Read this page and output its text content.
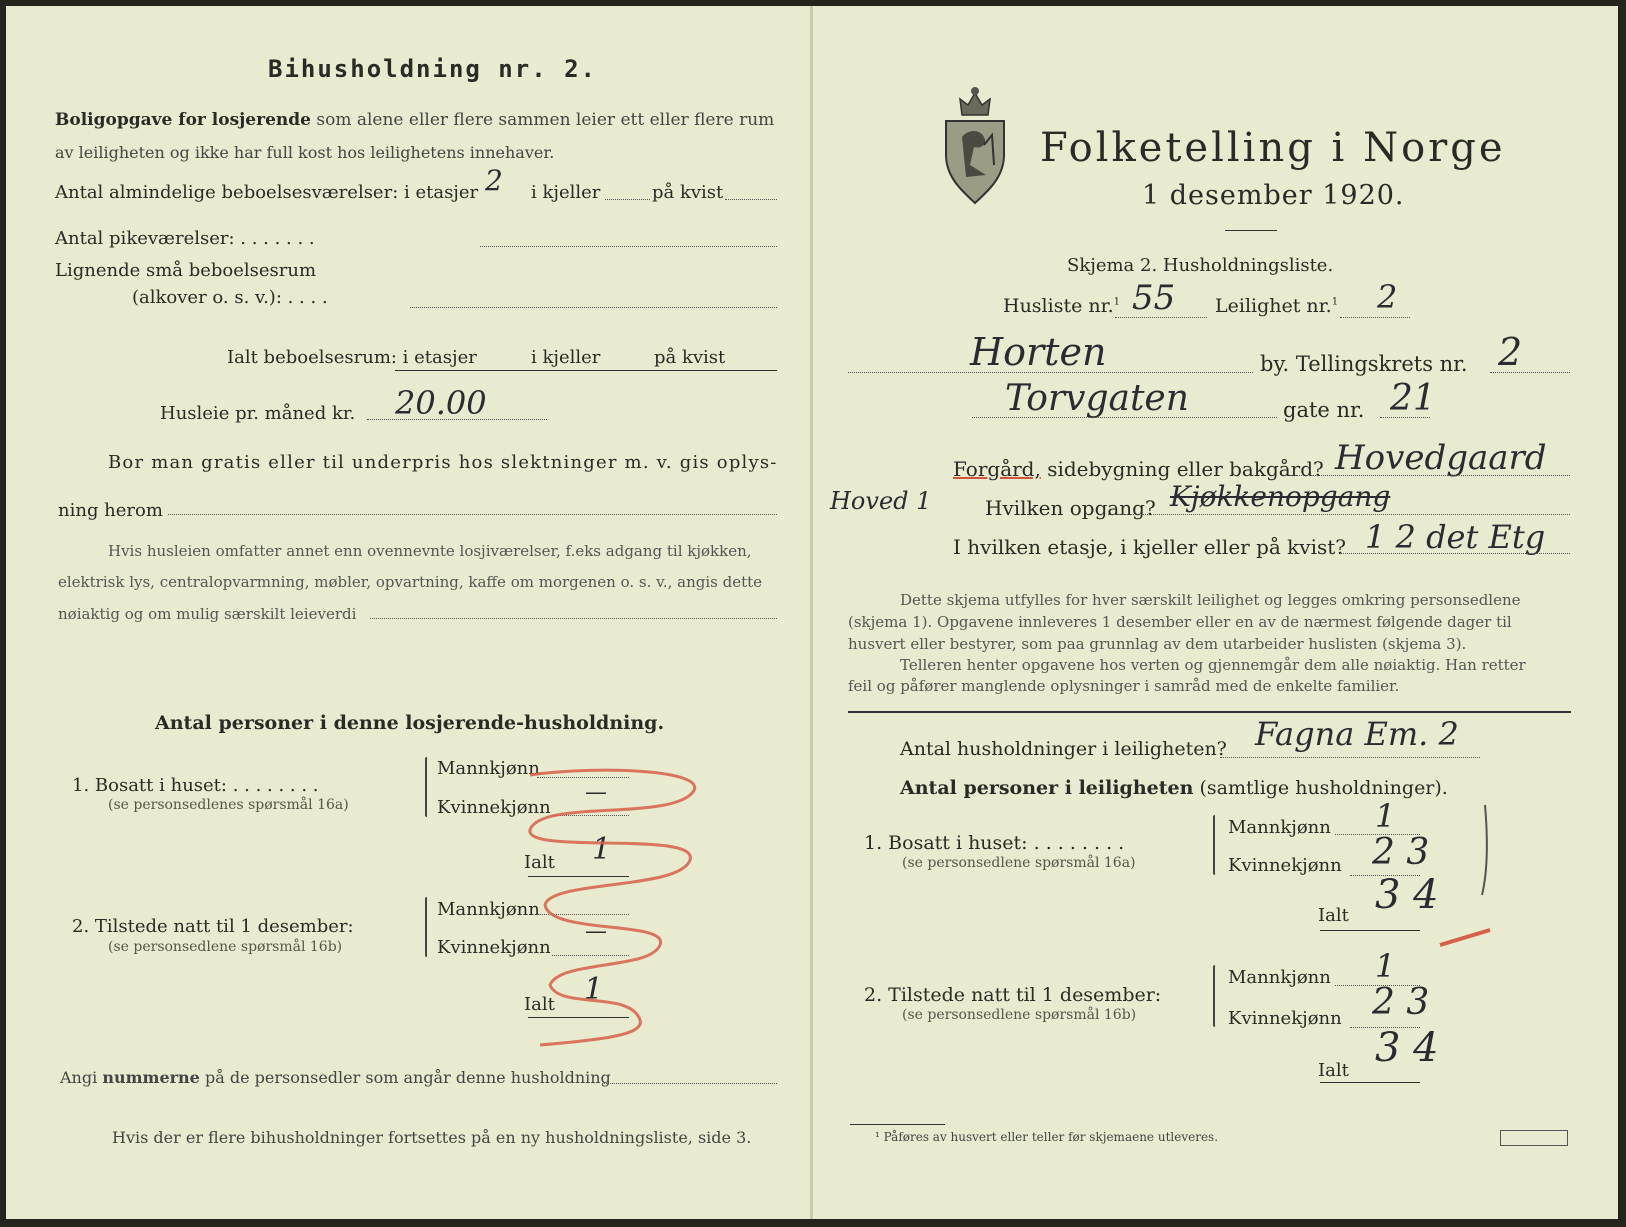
Bihusholdning nr. 2.
Boligopgave for losjerende som alene eller flere sammen leier ett eller flere rum
av leiligheten og ikke har full kost hos leilighetens innehaver.
Antal almindelige beboelsesværelser: i etasjer 2 i kjeller	på kvist
Antal pikeværelser: . . . . . . .
Lignende små beboelsesrum
(alkover o. s. v.): . . . .
Ialt beboelsesrum: i etasjer	i kjeller	på kvist
Husleie pr. måned kr. 20.00
Bor man gratis eller til underpris hos slektninger m. v. gis oplys-
ning herom
Hvis husleien omfatter annet enn ovennevnte losjiværelser, f.eks adgang til kjøkken,
elektrisk lys, centralopvarmning, møbler, opvartning, kaffe om morgenen o. s. v., angis dette
nøiaktig og om mulig særskilt leieverdi
Antal personer i denne losjerende-husholdning.
1. Bosatt i huset: . . . . . . . .
(se personsedlenes spørsmål 16a)
Mannkjønn
Kvinnekjønn
—
Ialt 1
2. Tilstede natt til 1 desember:
(se personsedlene spørsmål 16b)
Mannkjønn
Kvinnekjønn
—
Ialt 1
Angi nummerne på de personsedler som angår denne husholdning
Hvis der er flere bihusholdninger fortsettes på en ny husholdningsliste, side 3.
Folketelling i Norge
1 desember 1920.
Skjema 2. Husholdningsliste.
Husliste nr.$^1$ 55 Leilighet nr.$^1$ 2
Horten	by. Tellingskrets nr. 2
Torvgaten	gate nr. 21
Forgård, sidebygning eller bakgård? Hovedgaard
Hoved 1	Hvilken opgang? Kjøkkenopgang
I hvilken etasje, i kjeller eller på kvist? 1 2 det Etg
Dette skjema utfylles for hver særskilt leilighet og legges omkring personsedlene
(skjema 1). Opgavene innleveres 1 desember eller en av de nærmest følgende dager til
husvert eller bestyrer, som paa grunnlag av dem utarbeider huslisten (skjema 3).
Telleren henter opgavene hos verten og gjennemgår dem alle nøiaktig. Han retter
feil og påfører manglende oplysninger i samråd med de enkelte familier.
Antal husholdninger i leiligheten? Fagna Em. 2
Antal personer i leiligheten (samtlige husholdninger).
1. Bosatt i huset: . . . . . . . .
(se personsedlene spørsmål 16a)
Mannkjønn 1
Kvinnekjønn 2 3
Ialt 3 4
2. Tilstede natt til 1 desember:
(se personsedlene spørsmål 16b)
Mannkjønn 1
Kvinnekjønn 2 3
Ialt 3 4
¹ Påføres av husvert eller teller før skjemaene utleveres.
